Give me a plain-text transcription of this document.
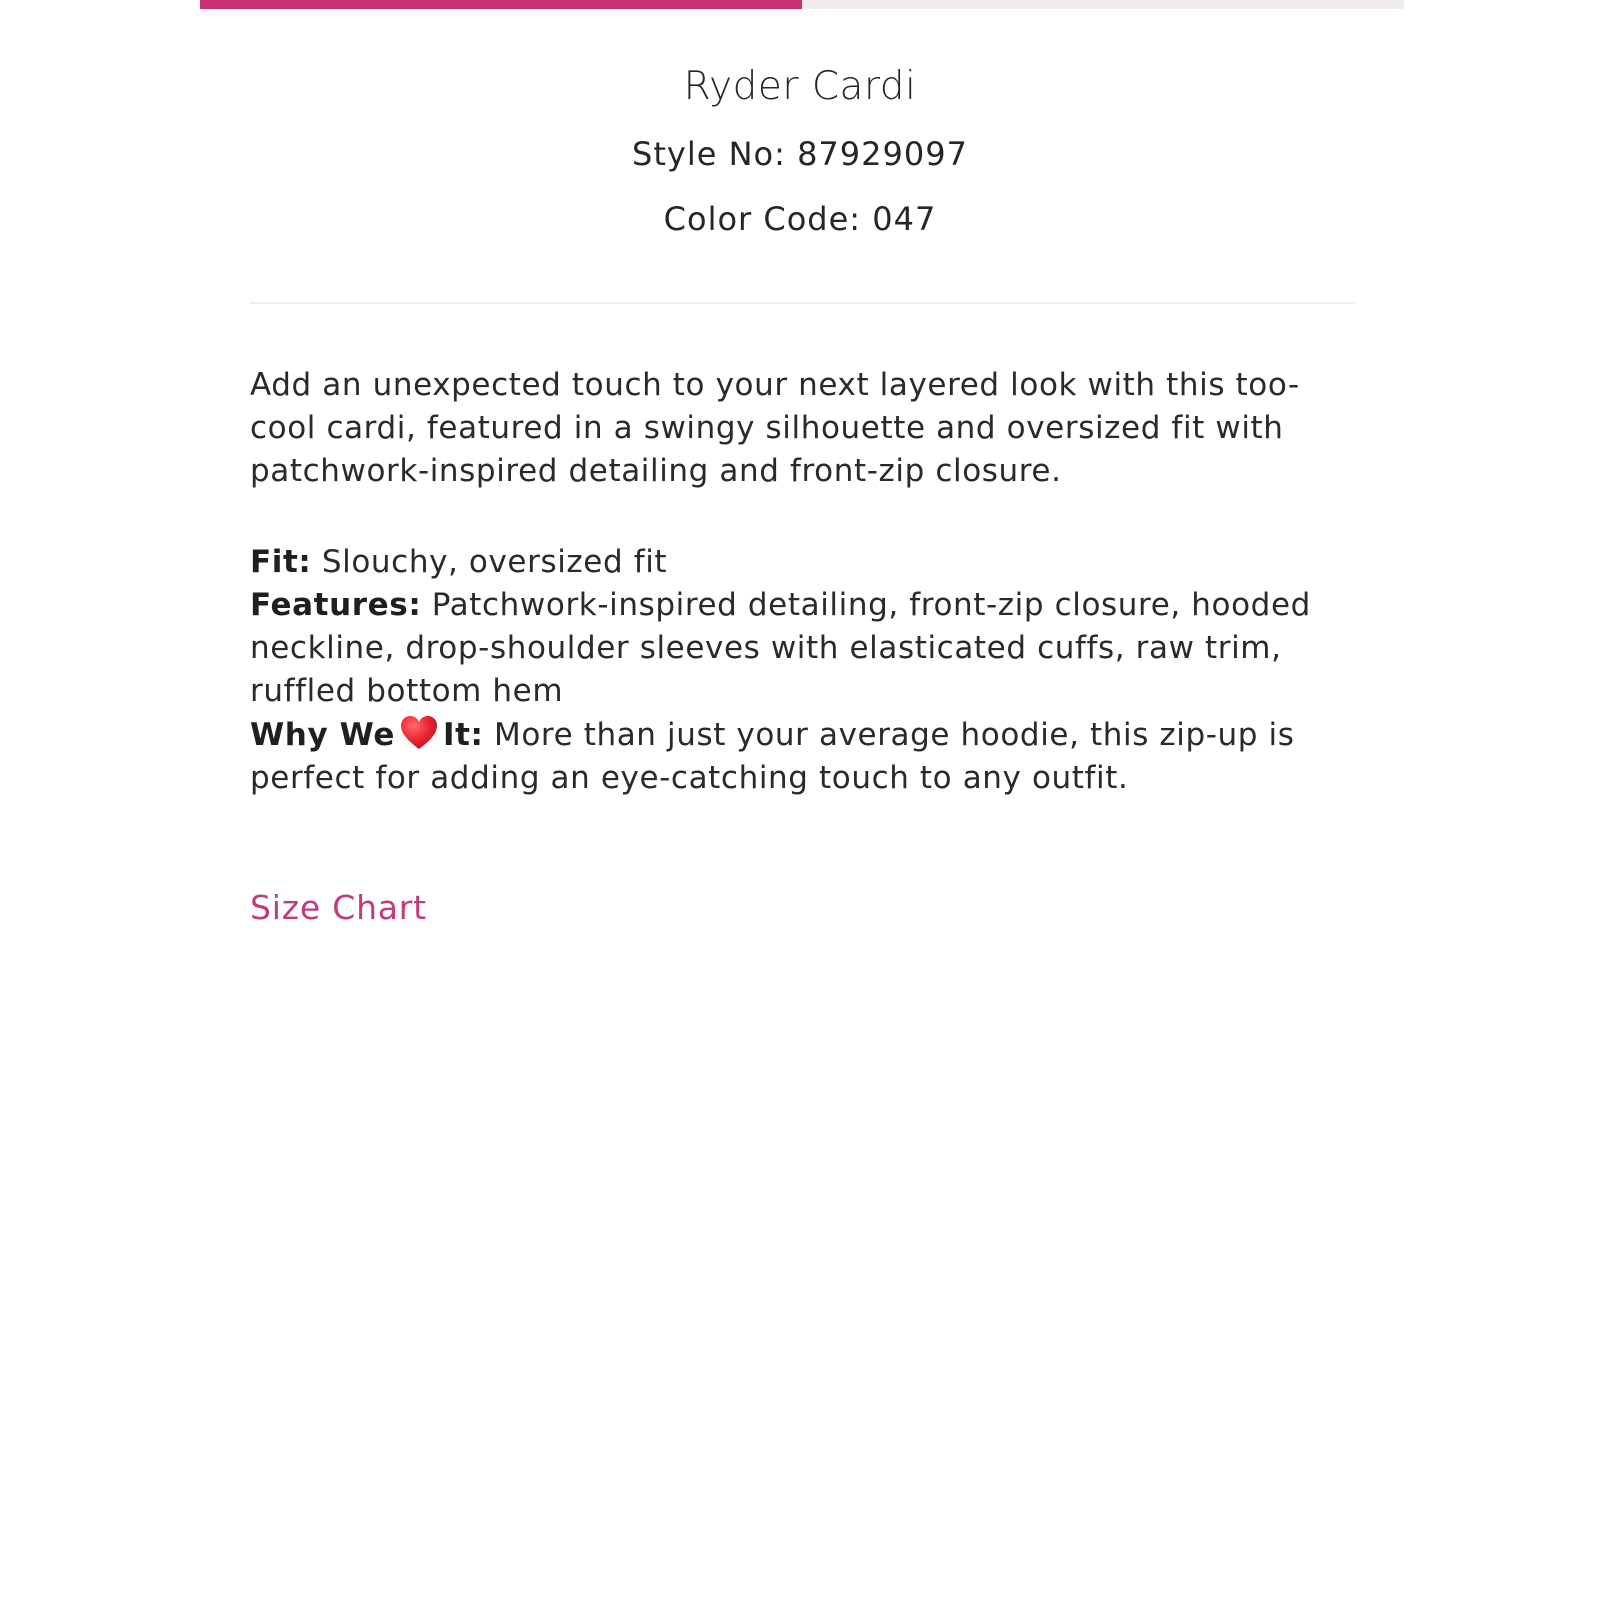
Ryder Cardi

Style No: 87929097

Color Code: 047

Add an unexpected touch to your next layered look with this too-cool cardi, featured in a swingy silhouette and oversized fit with patchwork-inspired detailing and front-zip closure.

Fit: Slouchy, oversized fit

Features: Patchwork-inspired detailing, front-zip closure, hooded neckline, drop-shoulder sleeves with elasticated cuffs, raw trim, ruffled bottom hem

Why We It: More than just your average hoodie, this zip-up is perfect for adding an eye-catching touch to any outfit.

Size Chart
